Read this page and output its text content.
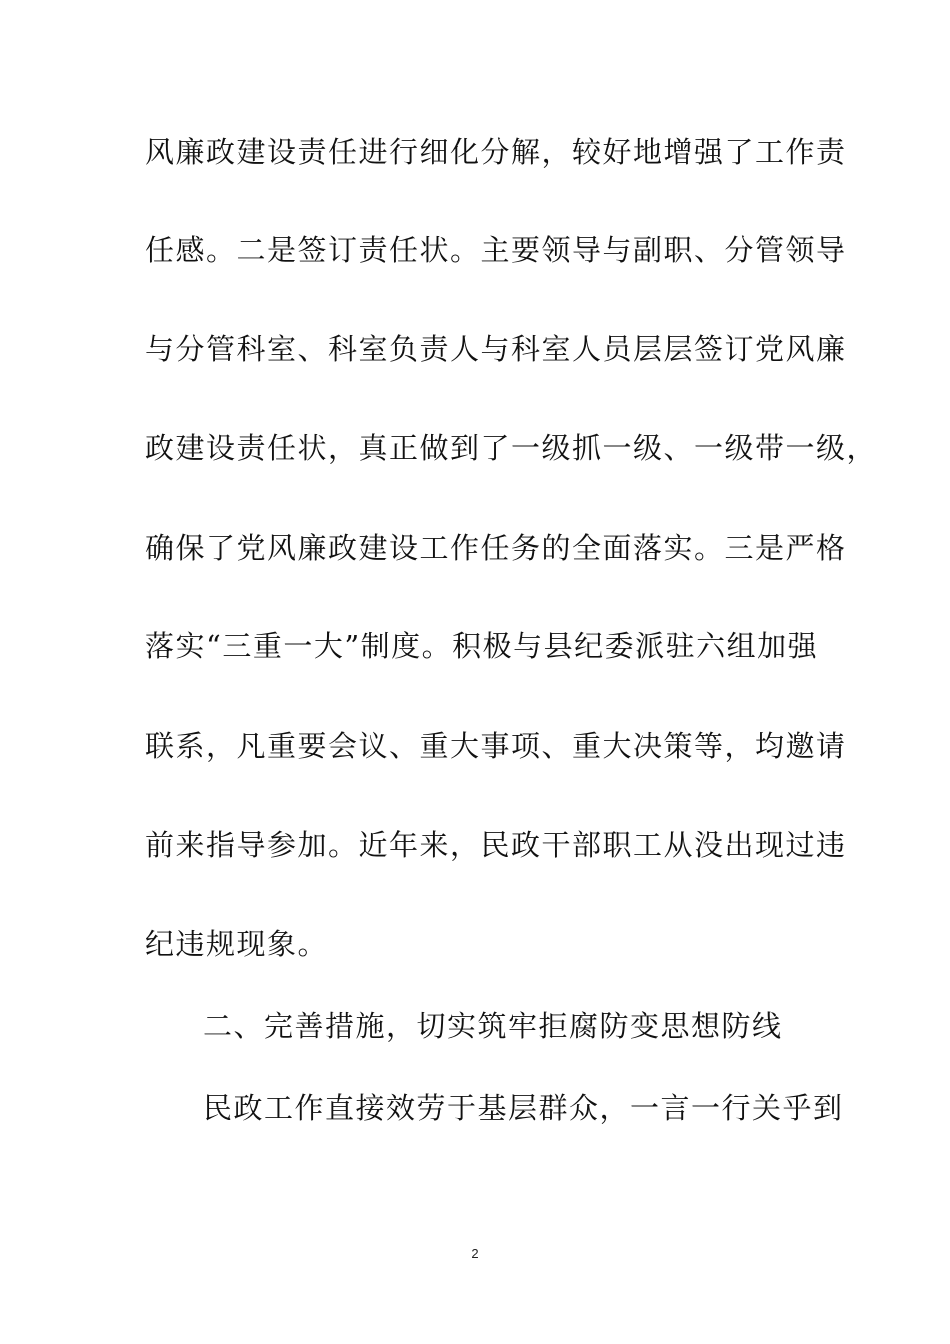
风廉政建设责任进行细化分解，较好地增强了工作责
任感。二是签订责任状。主要领导与副职、分管领导
与分管科室、科室负责人与科室人员层层签订党风廉
政建设责任状，真正做到了一级抓一级、一级带一级，
确保了党风廉政建设工作任务的全面落实。三是严格
落实“三重一大”制度。积极与县纪委派驻六组加强
联系，凡重要会议、重大事项、重大决策等，均邀请
前来指导参加。近年来，民政干部职工从没出现过违
纪违规现象。
二、完善措施，切实筑牢拒腐防变思想防线
民政工作直接效劳于基层群众，一言一行关乎到
2
